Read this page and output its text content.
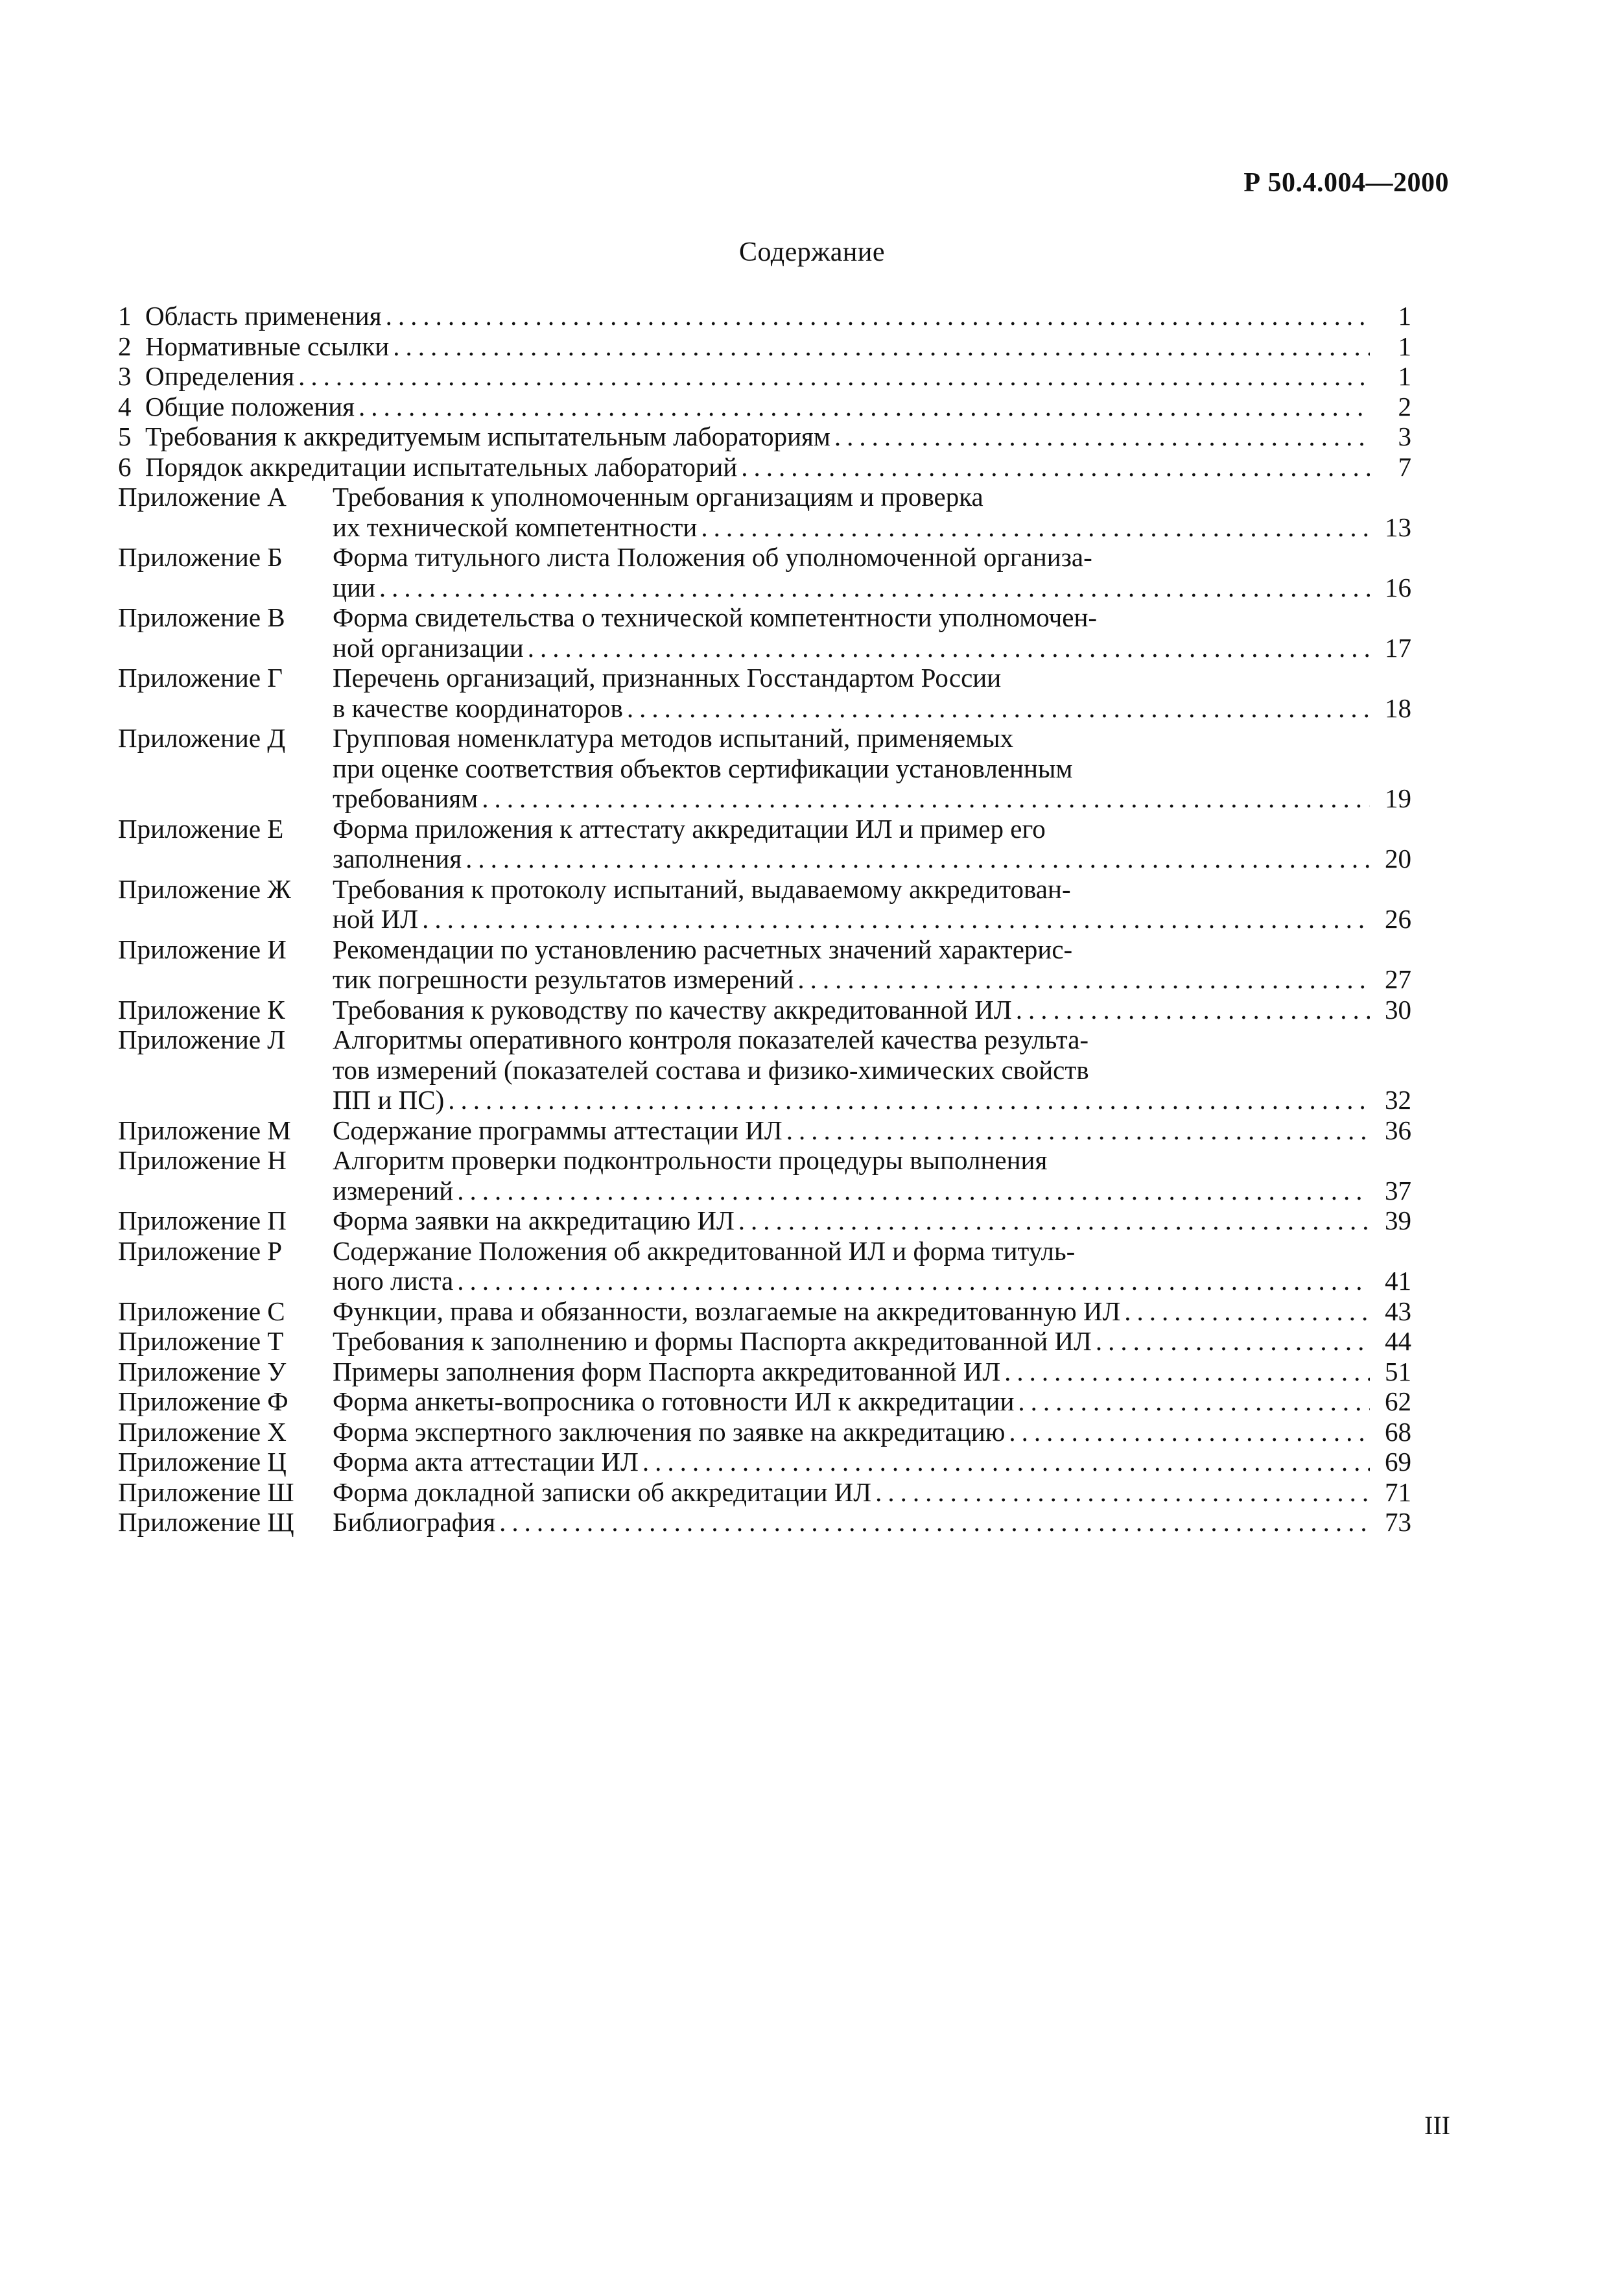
Р 50.4.004—2000
Содержание
1 Область применения .....	1
2 Нормативные ссылки .....	1
3 Определения .....	1
4 Общие положения .....	2
5 Требования к аккредитуемым испытательным лабораториям .....	3
6 Порядок аккредитации испытательных лабораторий .....	7
Приложение А	Требования к уполномоченным организациям и проверка
их технической компетентности .....	13
Приложение Б	Форма титульного листа Положения об уполномоченной организа-
ции .....	16
Приложение В	Форма свидетельства о технической компетентности уполномочен-
ной организации .....	17
Приложение Г	Перечень организаций, признанных Госстандартом России
в качестве координаторов .....	18
Приложение Д	Групповая номенклатура методов испытаний, применяемых
при оценке соответствия объектов сертификации установленным
требованиям .....	19
Приложение Е	Форма приложения к аттестату аккредитации ИЛ и пример его
заполнения .....	20
Приложение Ж	Требования к протоколу испытаний, выдаваемому аккредитован-
ной ИЛ .....	26
Приложение И	Рекомендации по установлению расчетных значений характерис-
тик погрешности результатов измерений .....	27
Приложение К	Требования к руководству по качеству аккредитованной ИЛ .....	30
Приложение Л	Алгоритмы оперативного контроля показателей качества результа-
тов измерений (показателей состава и физико-химических свойств
ПП и ПС) .....	32
Приложение М	Содержание программы аттестации ИЛ .....	36
Приложение Н	Алгоритм проверки подконтрольности процедуры выполнения
измерений .....	37
Приложение П	Форма заявки на аккредитацию ИЛ .....	39
Приложение Р	Содержание Положения об аккредитованной ИЛ и форма титуль-
ного листа .....	41
Приложение С	Функции, права и обязанности, возлагаемые на аккредитованную ИЛ .....	43
Приложение Т	Требования к заполнению и формы Паспорта аккредитованной ИЛ .....	44
Приложение У	Примеры заполнения форм Паспорта аккредитованной ИЛ .....	51
Приложение Ф	Форма анкеты-вопросника о готовности ИЛ к аккредитации .....	62
Приложение Х	Форма экспертного заключения по заявке на аккредитацию .....	68
Приложение Ц	Форма акта аттестации ИЛ .....	69
Приложение Ш	Форма докладной записки об аккредитации ИЛ .....	71
Приложение Щ	Библиография .....	73
III
